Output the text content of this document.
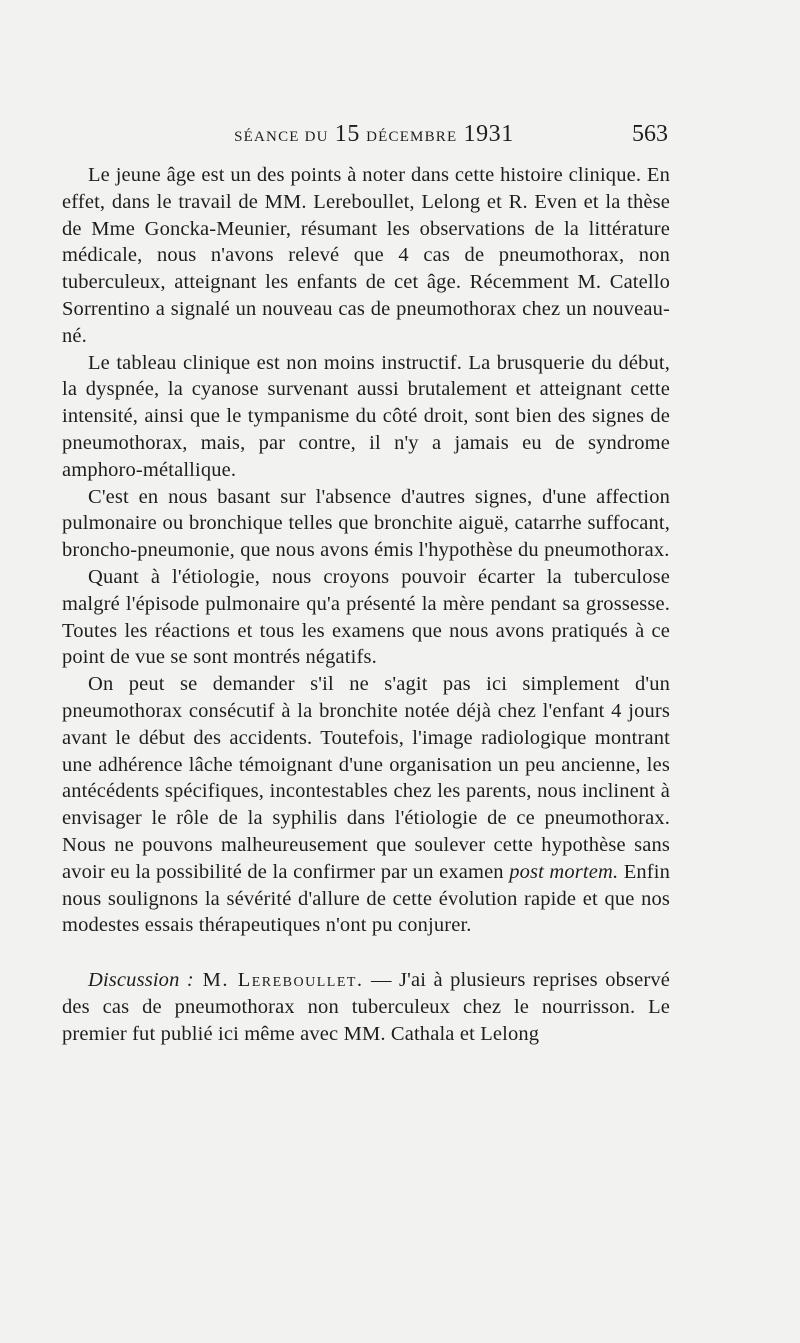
SÉANCE DU 15 DÉCEMBRE 1931	563

Le jeune âge est un des points à noter dans cette histoire clinique. En effet, dans le travail de MM. Lereboullet, Lelong et R. Even et la thèse de Mme Goncka-Meunier, résumant les observations de la littérature médicale, nous n'avons relevé que 4 cas de pneumothorax, non tuberculeux, atteignant les enfants de cet âge. Récemment M. Catello Sorrentino a signalé un nouveau cas de pneumothorax chez un nouveau-né.

Le tableau clinique est non moins instructif. La brusquerie du début, la dyspnée, la cyanose survenant aussi brutalement et atteignant cette intensité, ainsi que le tympanisme du côté droit, sont bien des signes de pneumothorax, mais, par contre, il n'y a jamais eu de syndrome amphoro-métallique.

C'est en nous basant sur l'absence d'autres signes, d'une affection pulmonaire ou bronchique telles que bronchite aiguë, catarrhe suffocant, broncho-pneumonie, que nous avons émis l'hypothèse du pneumothorax.

Quant à l'étiologie, nous croyons pouvoir écarter la tuberculose malgré l'épisode pulmonaire qu'a présenté la mère pendant sa grossesse. Toutes les réactions et tous les examens que nous avons pratiqués à ce point de vue se sont montrés négatifs.

On peut se demander s'il ne s'agit pas ici simplement d'un pneumothorax consécutif à la bronchite notée déjà chez l'enfant 4 jours avant le début des accidents. Toutefois, l'image radiologique montrant une adhérence lâche témoignant d'une organisation un peu ancienne, les antécédents spécifiques, incontestables chez les parents, nous inclinent à envisager le rôle de la syphilis dans l'étiologie de ce pneumothorax. Nous ne pouvons malheureusement que soulever cette hypothèse sans avoir eu la possibilité de la confirmer par un examen post mortem. Enfin nous soulignons la sévérité d'allure de cette évolution rapide et que nos modestes essais thérapeutiques n'ont pu conjurer.

Discussion : M. Lereboullet. — J'ai à plusieurs reprises observé des cas de pneumothorax non tuberculeux chez le nourrisson. Le premier fut publié ici même avec MM. Cathala et Lelong
